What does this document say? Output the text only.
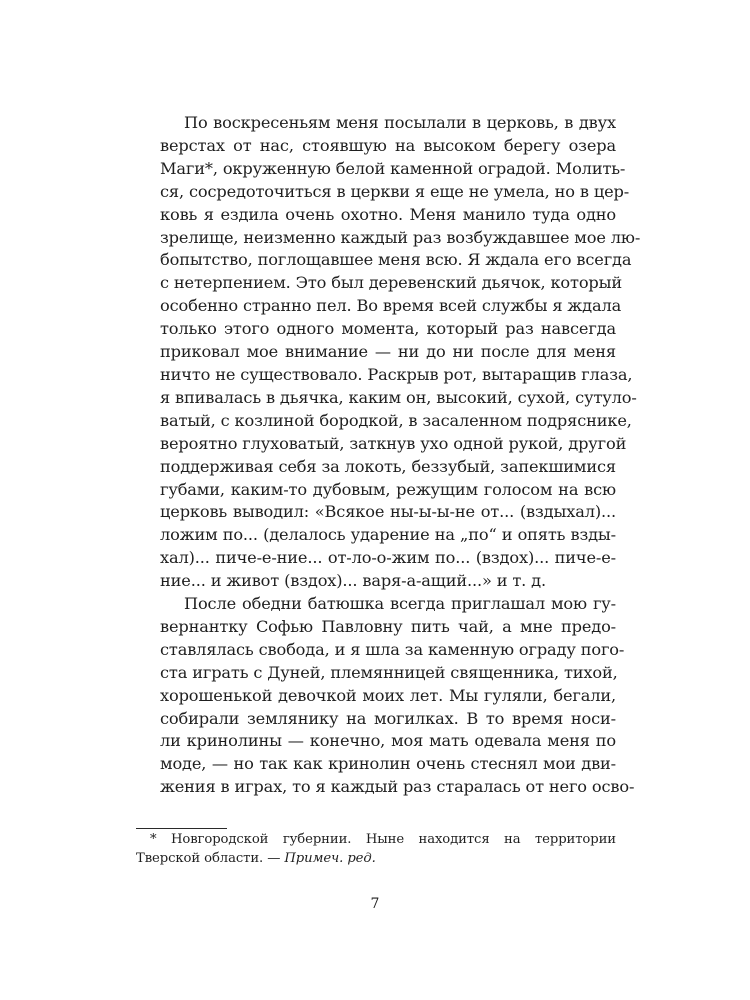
По воскресеньям меня посылали в церковь, в двух
верстах от нас, стоявшую на высоком берегу озера
Маги*, окруженную белой каменной оградой. Молить-
ся, сосредоточиться в церкви я еще не умела, но в цер-
ковь я ездила очень охотно. Меня манило туда одно
зрелище, неизменно каждый раз возбуждавшее мое лю-
бопытство, поглощавшее меня всю. Я ждала его всегда
с нетерпением. Это был деревенский дьячок, который
особенно странно пел. Во время всей службы я ждала
только этого одного момента, который раз навсегда
приковал мое внимание — ни до ни после для меня
ничто не существовало. Раскрыв рот, вытаращив глаза,
я впивалась в дьячка, каким он, высокий, сухой, сутуло-
ватый, с козлиной бородкой, в засаленном подряснике,
вероятно глуховатый, заткнув ухо одной рукой, другой
поддерживая себя за локоть, беззубый, запекшимися
губами, каким-то дубовым, режущим голосом на всю
церковь выводил: «Всякое ны-ы-ы-не от... (вздыхал)...
ложим по... (делалось ударение на „по“ и опять взды-
хал)... пиче-е-ние... от-ло-о-жим по... (вздох)... пиче-е-
ние... и живот (вздох)... варя-а-ащий...» и т. д.
После обедни батюшка всегда приглашал мою гу-
вернантку Софью Павловну пить чай, а мне предо-
ставлялась свобода, и я шла за каменную ограду пого-
ста играть с Дуней, племянницей священника, тихой,
хорошенькой девочкой моих лет. Мы гуляли, бегали,
собирали землянику на могилках. В то время носи-
ли кринолины — конечно, моя мать одевала меня по
моде, — но так как кринолин очень стеснял мои дви-
жения в играх, то я каждый раз старалась от него осво-
* Новгородской губернии. Ныне находится на территории
Тверской области. — Примеч. ред.
7
